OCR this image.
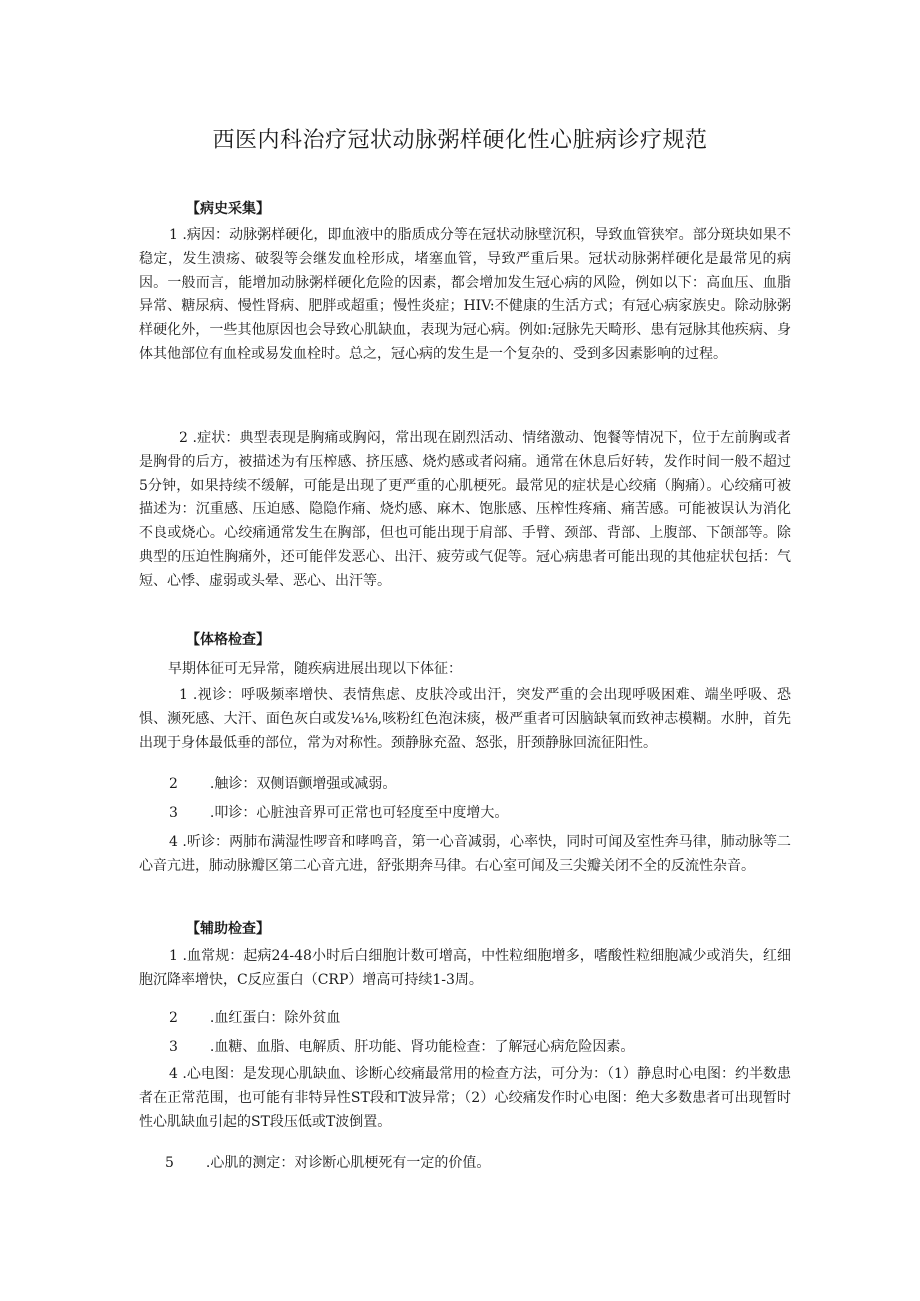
西医内科治疗冠状动脉粥样硬化性心脏病诊疗规范
【病史采集】
1 .病因：动脉粥样硬化，即血液中的脂质成分等在冠状动脉壁沉积，导致血管狭窄。部分斑块如果不稳定，发生溃疡、破裂等会继发血栓形成，堵塞血管，导致严重后果。冠状动脉粥样硬化是最常见的病因。一般而言，能增加动脉粥样硬化危险的因素，都会增加发生冠心病的风险，例如以下：高血压、血脂异常、糖尿病、慢性肾病、肥胖或超重；慢性炎症；HIV:不健康的生活方式；有冠心病家族史。除动脉粥样硬化外，一些其他原因也会导致心肌缺血，表现为冠心病。例如:冠脉先天畸形、患有冠脉其他疾病、身体其他部位有血栓或易发血栓时。总之，冠心病的发生是一个复杂的、受到多因素影响的过程。
2 .症状：典型表现是胸痛或胸闷，常出现在剧烈活动、情绪激动、饱餐等情况下，位于左前胸或者是胸骨的后方，被描述为有压榨感、挤压感、烧灼感或者闷痛。通常在休息后好转，发作时间一般不超过5分钟，如果持续不缓解，可能是出现了更严重的心肌梗死。最常见的症状是心绞痛（胸痛）。心绞痛可被描述为：沉重感、压迫感、隐隐作痛、烧灼感、麻木、饱胀感、压榨性疼痛、痛苦感。可能被误认为消化不良或烧心。心绞痛通常发生在胸部，但也可能出现于肩部、手臂、颈部、背部、上腹部、下颌部等。除典型的压迫性胸痛外，还可能伴发恶心、出汗、疲劳或气促等。冠心病患者可能出现的其他症状包括：气短、心悸、虚弱或头晕、恶心、出汗等。
【体格检查】
早期体征可无异常，随疾病进展出现以下体征：
1 .视诊：呼吸频率增快、表情焦虑、皮肤冷或出汗，突发严重的会出现呼吸困难、端坐呼吸、恐惧、濒死感、大汗、面色灰白或发⅛⅛,咳粉红色泡沫痰，极严重者可因脑缺氧而致神志模糊。水肿，首先出现于身体最低垂的部位，常为对称性。颈静脉充盈、怒张，肝颈静脉回流征阳性。
2 .触诊：双侧语颤增强或减弱。
3 .叩诊：心脏浊音界可正常也可轻度至中度增大。
4 .听诊：两肺布满湿性啰音和哮鸣音，第一心音减弱，心率快，同时可闻及室性奔马律，肺动脉等二心音亢进，肺动脉瓣区第二心音亢进，舒张期奔马律。右心室可闻及三尖瓣关闭不全的反流性杂音。
【辅助检查】
1 .血常规：起病24-48小时后白细胞计数可增高，中性粒细胞增多，嗜酸性粒细胞减少或消失，红细胞沉降率增快，C反应蛋白（CRP）增高可持续1-3周。
2 .血红蛋白：除外贫血
3 .血糖、血脂、电解质、肝功能、肾功能检查：了解冠心病危险因素。
4 .心电图：是发现心肌缺血、诊断心绞痛最常用的检查方法，可分为：（1）静息时心电图：约半数患者在正常范围，也可能有非特异性ST段和T波异常；（2）心绞痛发作时心电图：绝大多数患者可出现暂时性心肌缺血引起的ST段压低或T波倒置。
5 .心肌的测定：对诊断心肌梗死有一定的价值。
